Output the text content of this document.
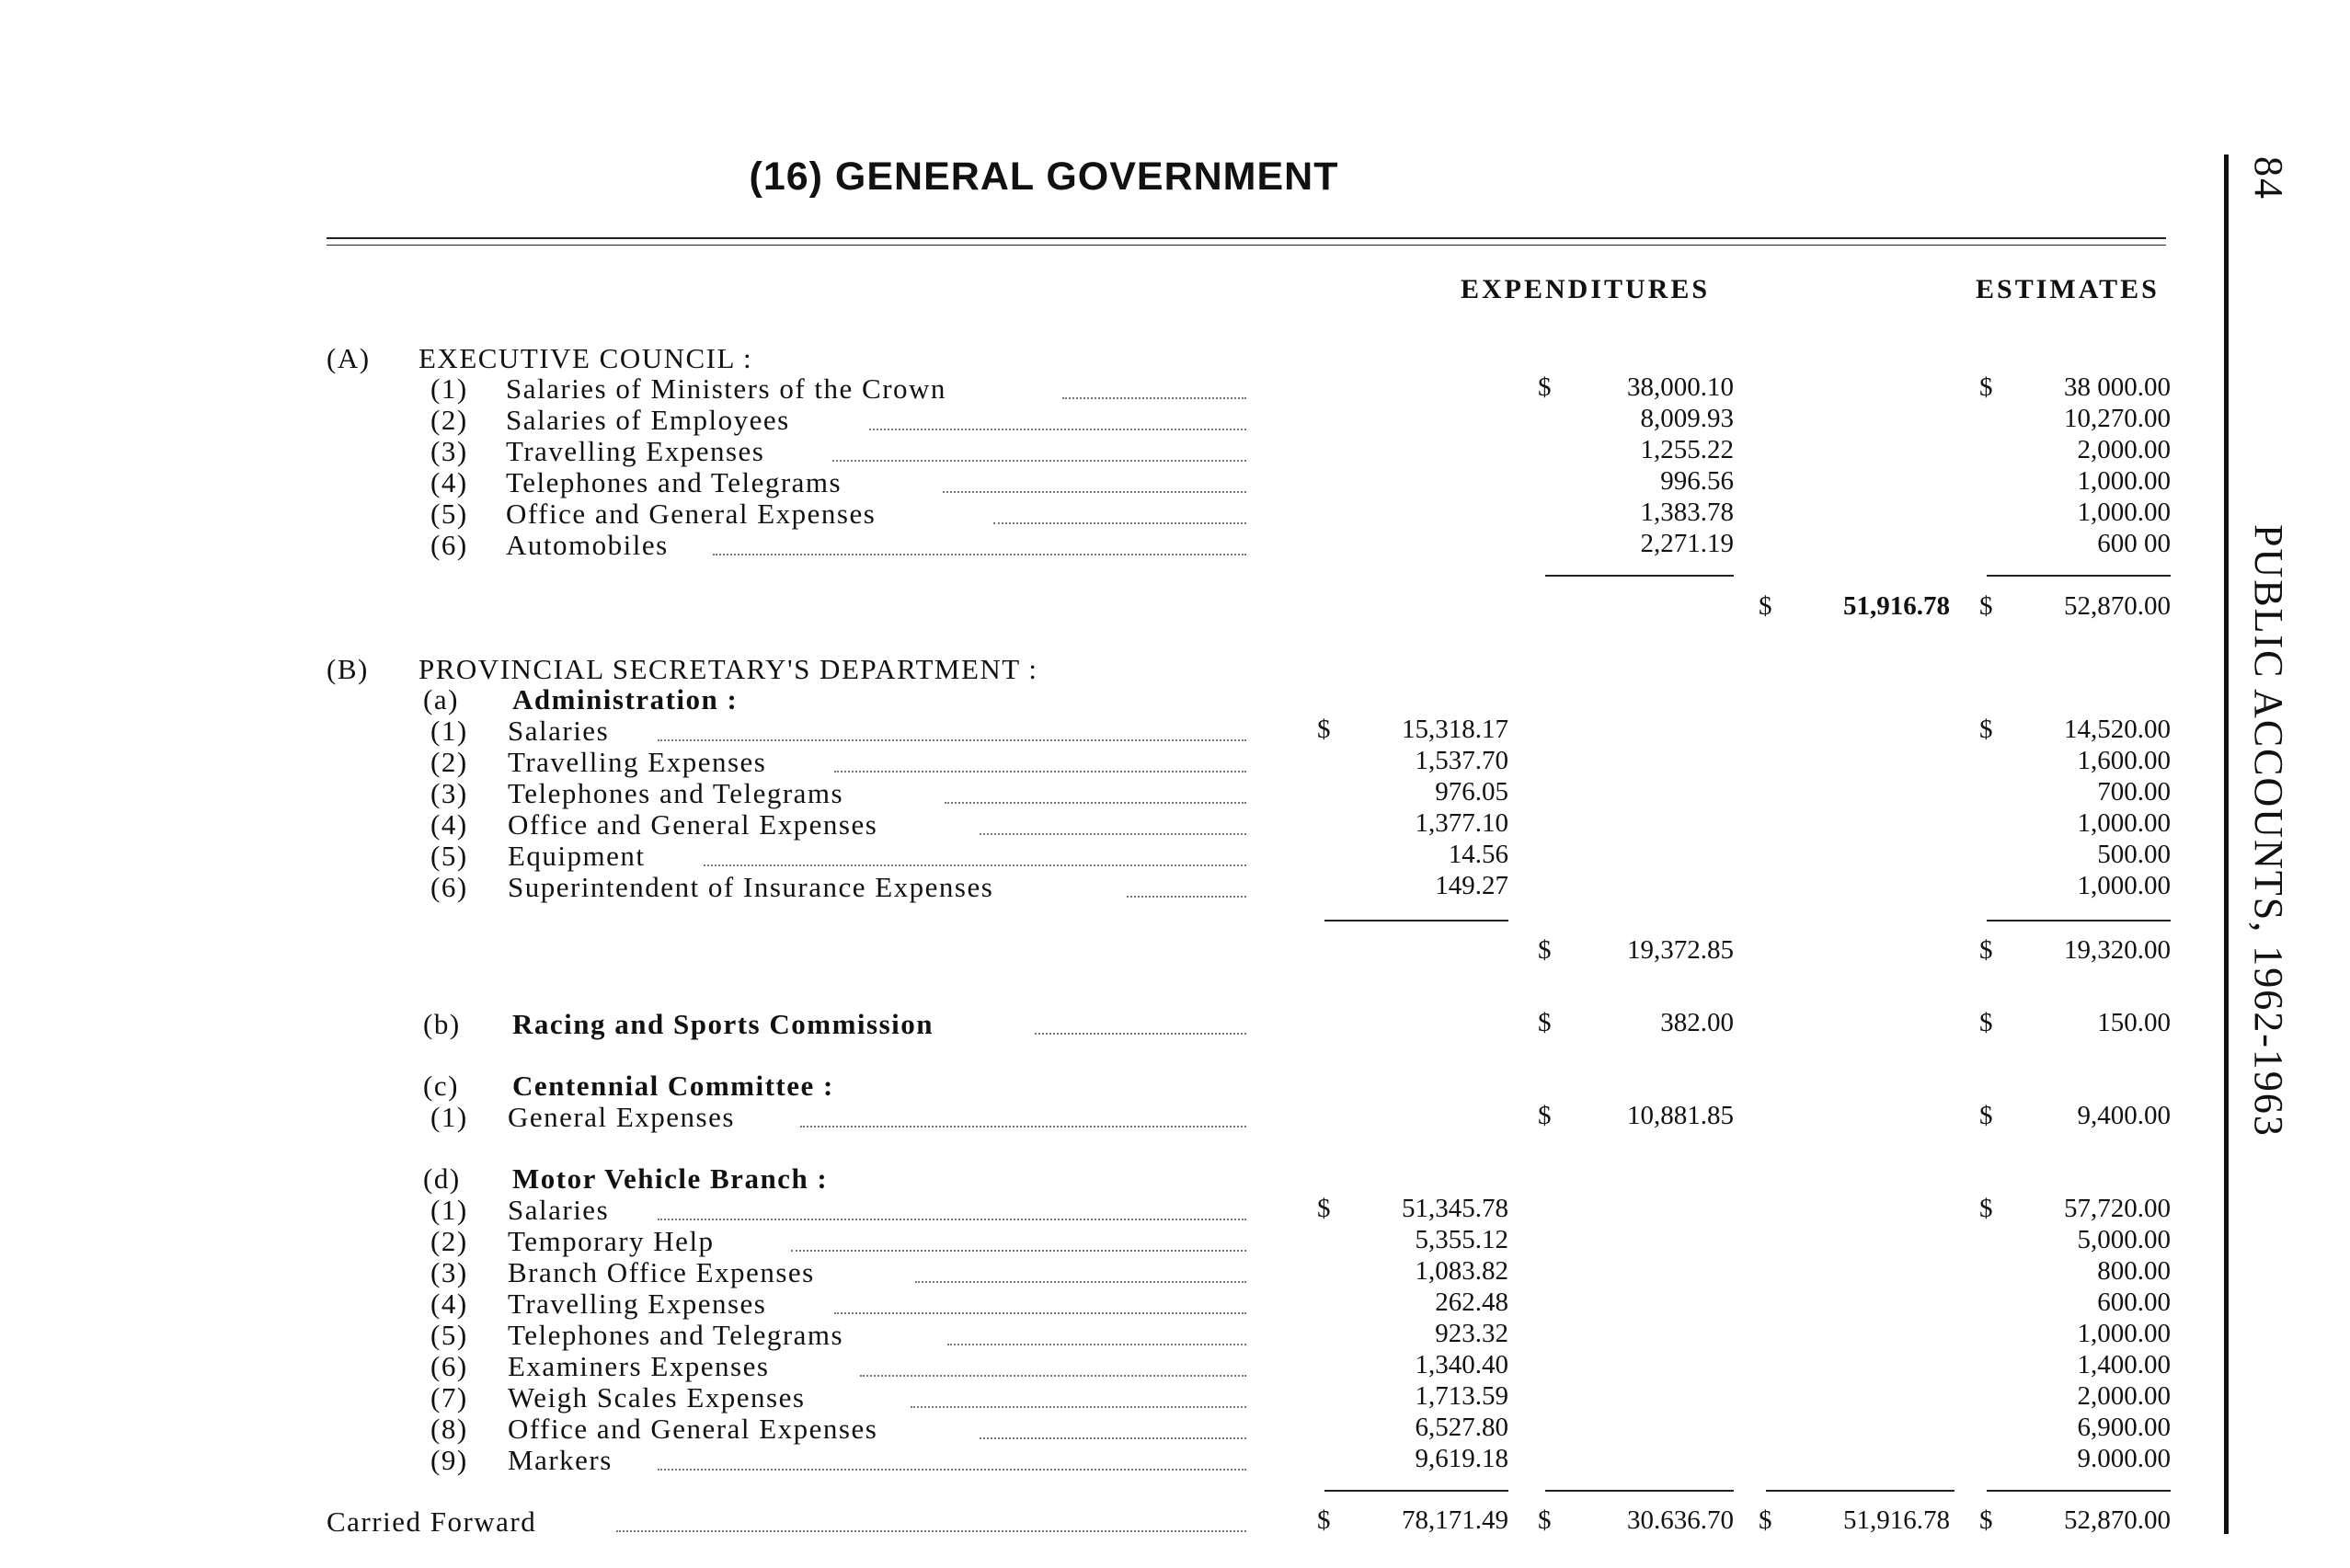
(16) GENERAL GOVERNMENT	84
PUBLIC ACCOUNTS, 1962-1963
EXPENDITURES	ESTIMATES
(A) EXECUTIVE COUNCIL :
(1) Salaries of Ministers of the Crown	$	38,000.10	$	38 000.00
(2) Salaries of Employees	8,009.93	10,270.00
(3) Travelling Expenses	1,255.22	2,000.00
(4) Telephones and Telegrams	996.56	1,000.00
(5) Office and General Expenses	1,383.78	1,000.00
(6) Automobiles	2,271.19	600 00
$	51,916.78 $	52,870.00
(B) PROVINCIAL SECRETARY'S DEPARTMENT :
(a) Administration :
(1) Salaries	$	15,318.17	$	14,520.00
(2) Travelling Expenses	1,537.70	1,600.00
(3) Telephones and Telegrams	976.05	700.00
(4) Office and General Expenses	1,377.10	1,000.00
(5) Equipment	14.56	500.00
(6) Superintendent of Insurance Expenses	149.27	1,000.00
$	19,372.85	$	19,320.00
(b) Racing and Sports Commission	$	382.00	$	150.00
(c) Centennial Committee :
(1) General Expenses	$	10,881.85	$	9,400.00
(d) Motor Vehicle Branch :
(1) Salaries	$	51,345.78	$	57,720.00
(2) Temporary Help	5,355.12	5,000.00
(3) Branch Office Expenses	1,083.82	800.00
(4) Travelling Expenses	262.48	600.00
(5) Telephones and Telegrams	923.32	1,000.00
(6) Examiners Expenses	1,340.40	1,400.00
(7) Weigh Scales Expenses	1,713.59	2,000.00
(8) Office and General Expenses	6,527.80	6,900.00
(9) Markers	9,619.18	9.000.00
Carried Forward	$	78,171.49 $	30.636.70 $	51,916.78 $	52,870.00
